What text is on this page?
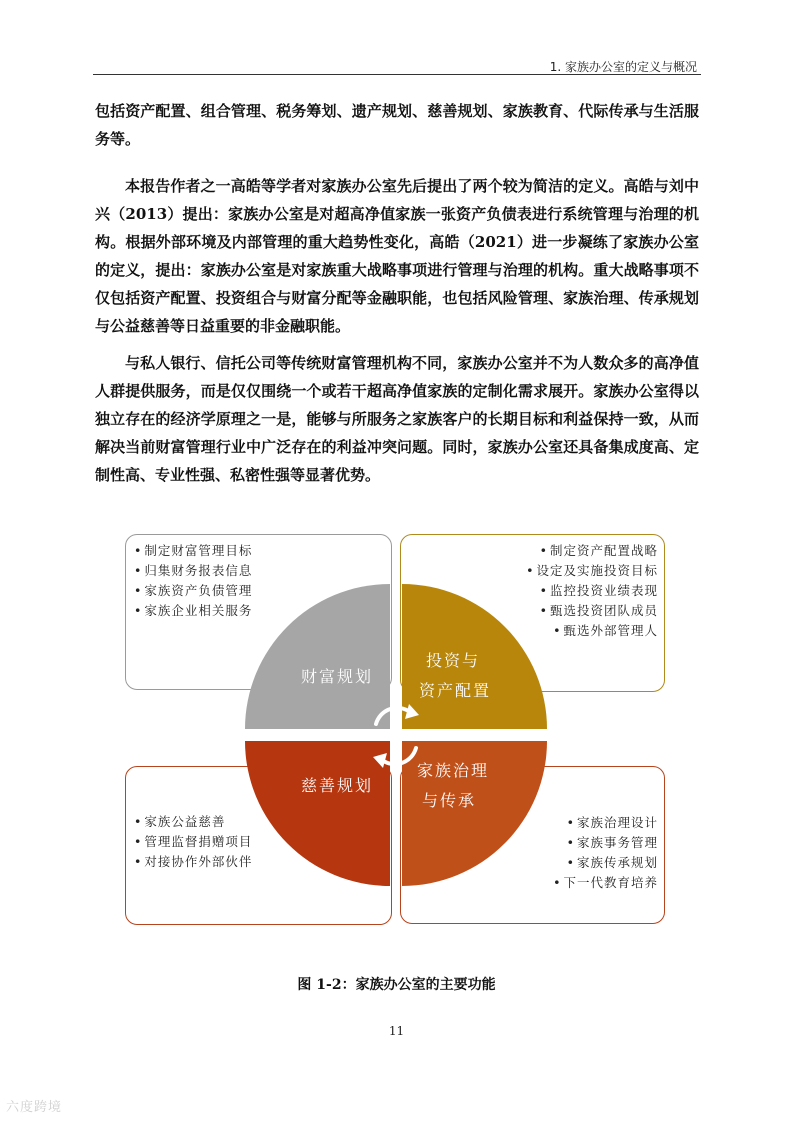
1. 家族办公室的定义与概况

包括资产配置、组合管理、税务筹划、遗产规划、慈善规划、家族教育、代际传承与生活服务等。

本报告作者之一高皓等学者对家族办公室先后提出了两个较为简洁的定义。高皓与刘中兴（2013）提出：家族办公室是对超高净值家族一张资产负债表进行系统管理与治理的机构。根据外部环境及内部管理的重大趋势性变化，高皓（2021）进一步凝练了家族办公室的定义，提出：家族办公室是对家族重大战略事项进行管理与治理的机构。重大战略事项不仅包括资产配置、投资组合与财富分配等金融职能，也包括风险管理、家族治理、传承规划与公益慈善等日益重要的非金融职能。

与私人银行、信托公司等传统财富管理机构不同，家族办公室并不为人数众多的高净值人群提供服务，而是仅仅围绕一个或若干超高净值家族的定制化需求展开。家族办公室得以独立存在的经济学原理之一是，能够与所服务之家族客户的长期目标和利益保持一致，从而解决当前财富管理行业中广泛存在的利益冲突问题。同时，家族办公室还具备集成度高、定制性高、专业性强、私密性强等显著优势。

• 制定财富管理目标
• 归集财务报表信息
• 家族资产负债管理
• 家族企业相关服务
• 制定资产配置战略
• 设定及实施投资目标
• 监控投资业绩表现
• 甄选投资团队成员
• 甄选外部管理人
• 家族公益慈善
• 管理监督捐赠项目
• 对接协作外部伙伴
• 家族治理设计
• 家族事务管理
• 家族传承规划
• 下一代教育培养
财富规划
投资与
资产配置
慈善规划
家族治理
与传承
图 1-2：家族办公室的主要功能
11
六度跨境
